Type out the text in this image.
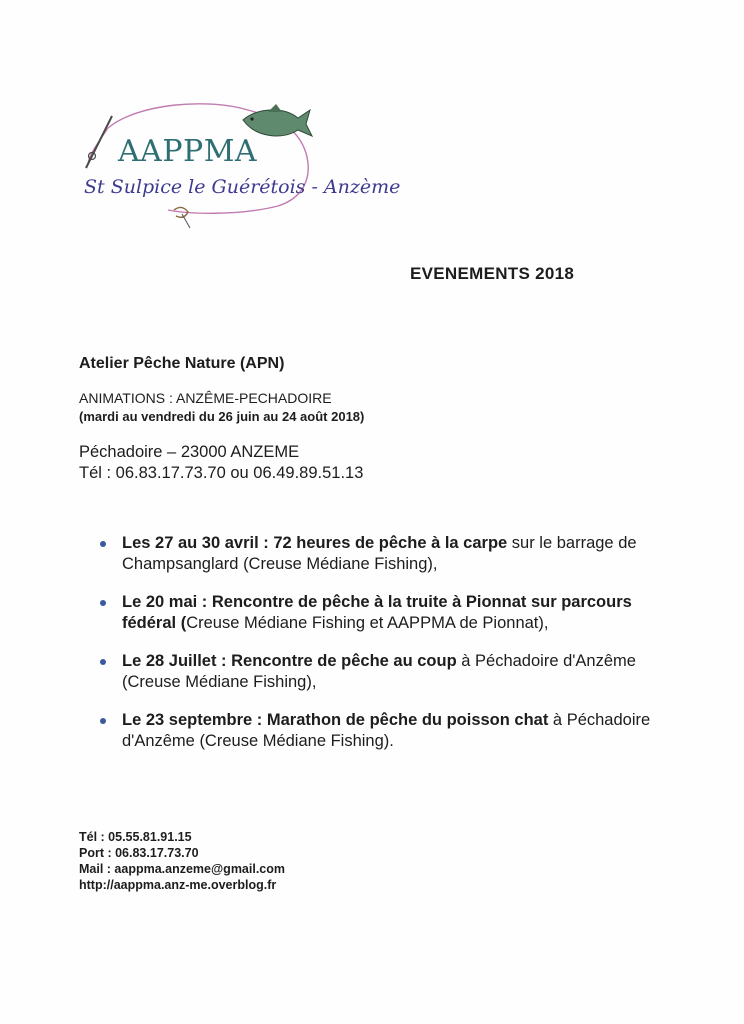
AAPPMA
St Sulpice le Guérétois - Anzème
EVENEMENTS 2018
Atelier Pêche Nature (APN)
ANIMATIONS : ANZÊME-PECHADOIRE
(mardi au vendredi du 26 juin au 24 août 2018)
Péchadoire – 23000 ANZEME
Tél : 06.83.17.73.70 ou 06.49.89.51.13
Les 27 au 30 avril : 72 heures de pêche à la carpe sur le barrage de Champsanglard (Creuse Médiane Fishing),
Le 20 mai : Rencontre de pêche à la truite à Pionnat sur parcours fédéral (Creuse Médiane Fishing et AAPPMA de Pionnat),
Le 28 Juillet : Rencontre de pêche au coup à Péchadoire d'Anzême (Creuse Médiane Fishing),
Le 23 septembre : Marathon de pêche du poisson chat à Péchadoire d'Anzême (Creuse Médiane Fishing).
Tél : 05.55.81.91.15
Port : 06.83.17.73.70
Mail : aappma.anzeme@gmail.com
http://aappma.anz-me.overblog.fr
